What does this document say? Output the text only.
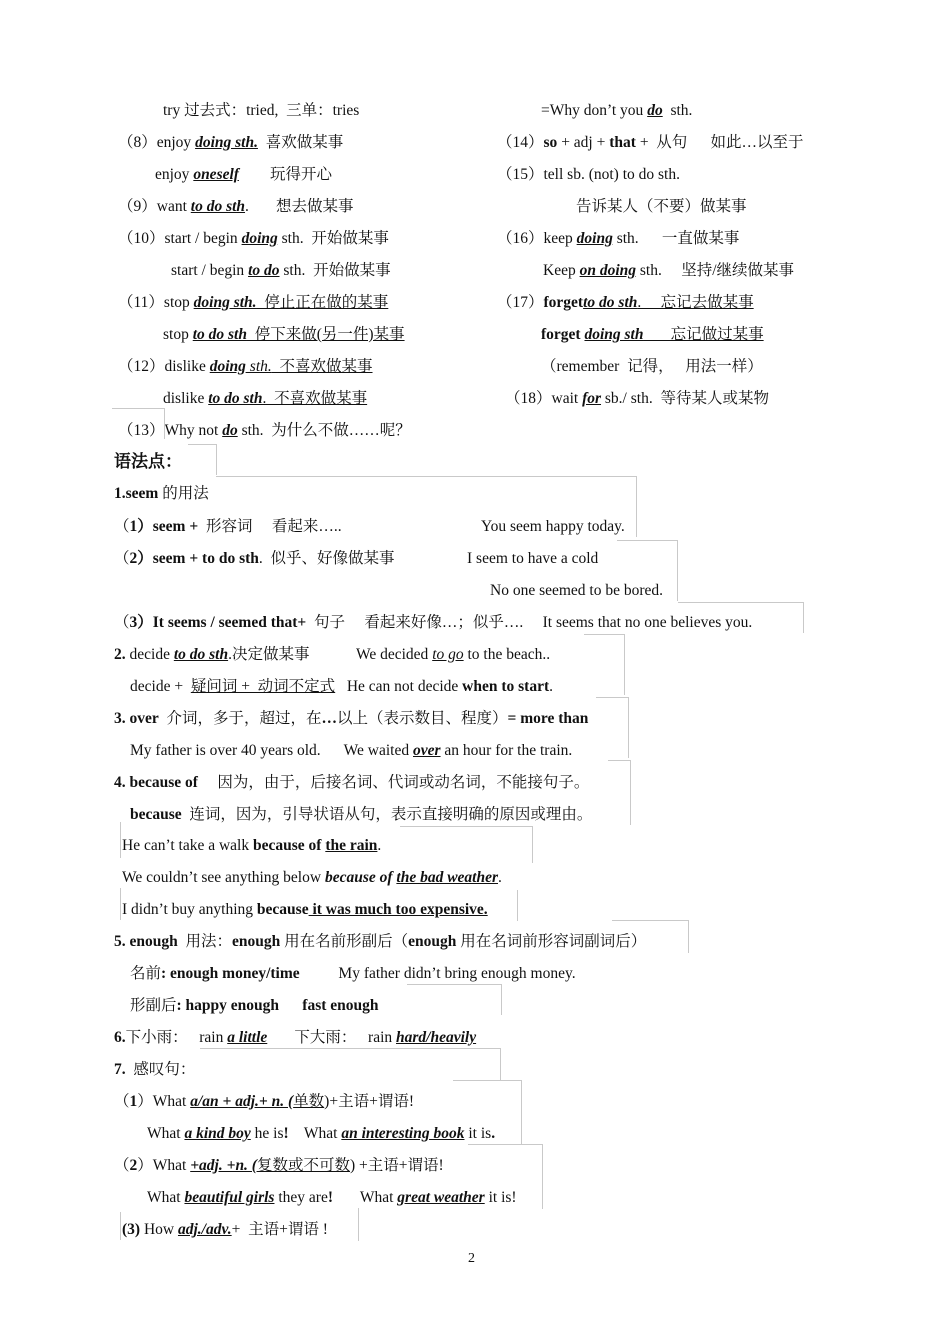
try 过去式：tried,  三单：tries
（8）enjoy doing sth.  喜欢做某事
enjoy oneself        玩得开心
（9）want to do sth.       想去做某事
（10）start / begin doing sth.  开始做某事
start / begin to do sth.  开始做某事
（11）stop doing sth.  停止正在做的某事
stop to do sth  停下来做(另一件)某事
（12）dislike doing sth.  不喜欢做某事
dislike to do sth.  不喜欢做某事
（13）Why not do sth.  为什么不做……呢？
=Why don’t you do  sth.
（14）so + adj + that +  从句      如此…以至于
（15）tell sb. (not) to do sth.
告诉某人（不要）做某事
（16）keep doing sth.      一直做某事
Keep on doing sth.     坚持/继续做某事
（17）forgetto do sth.     忘记去做某事
forget doing sth       忘记做过某事
（remember  记得，   用法一样）
（18）wait for sb./ sth.  等待某人或某物
语法点：
1.seem 的用法
（1）seem +  形容词     看起来…..	You seem happy today.
（2）seem + to do sth.  似乎、好像做某事	I seem to have a cold
No one seemed to be bored.
（3）It seems / seemed that+  句子     看起来好像…；似乎….     It seems that no one believes you.
2. decide to do sth.决定做某事            We decided to go to the beach..
decide +  疑问词 +  动词不定式   He can not decide when to start.
3. over  介词，多于，超过，在…以上（表示数目、程度）= more than
My father is over 40 years old.      We waited over an hour for the train.
4. because of     因为，由于，后接名词、代词或动名词，不能接句子。
because  连词，因为，引导状语从句，表示直接明确的原因或理由。
He can’t take a walk because of the rain.
We couldn’t see anything below because of the bad weather.
I didn’t buy anything because it was much too expensive.
5. enough  用法：enough 用在名前形副后（enough 用在名词前形容词副词后）
名前: enough money/time          My father didn’t bring enough money.
形副后: happy enough      fast enough
6.下小雨：   rain a little       下大雨：   rain hard/heavily
7.  感叹句：
（1）What a/an + adj.+ n. (单数)+主语+谓语!
What a kind boy he is!    What an interesting book it is.
（2）What +adj. +n. (复数或不可数) +主语+谓语!
What beautiful girls they are!       What great weather it is!
(3) How adj./adv.+  主语+谓语 !
2
